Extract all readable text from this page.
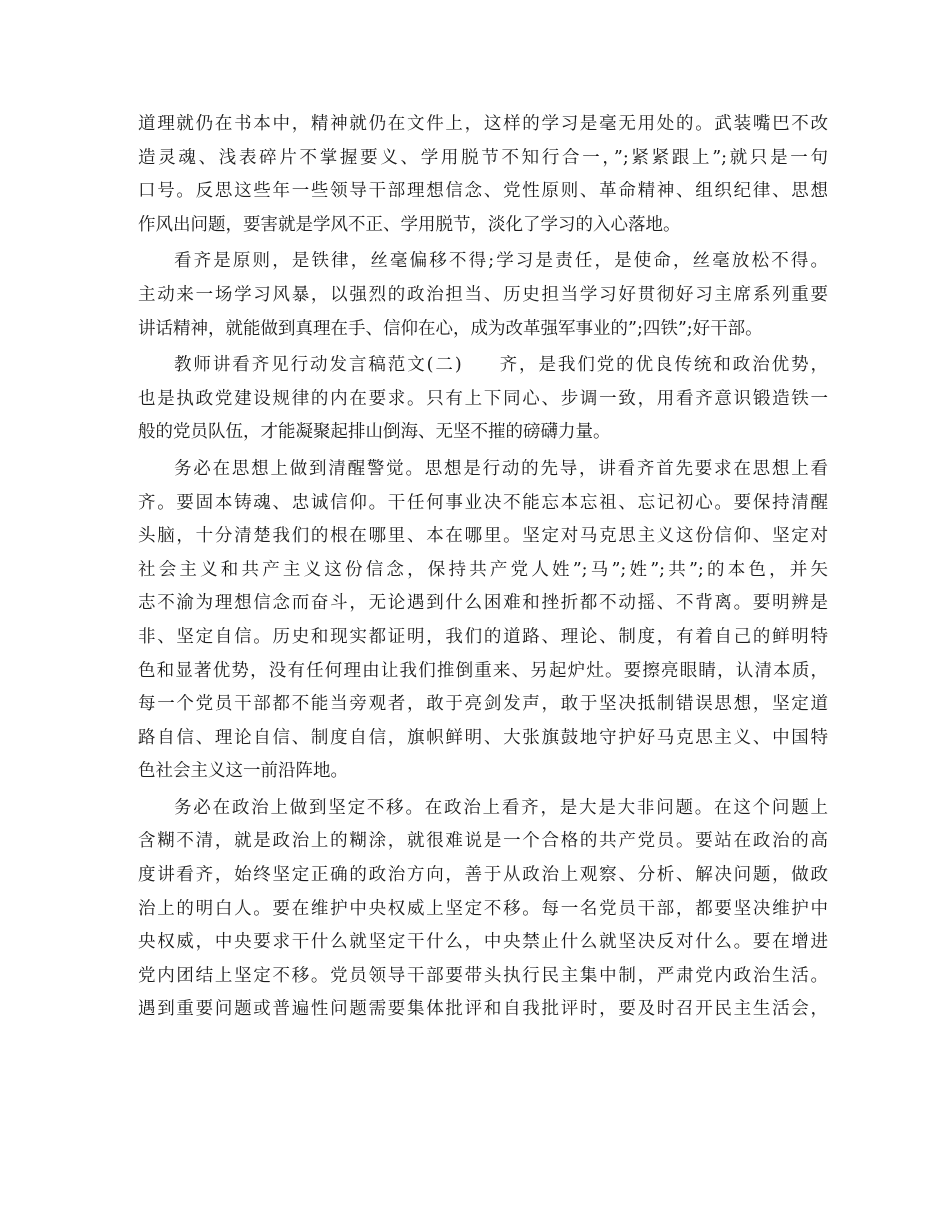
道理就仍在书本中，精神就仍在文件上，这样的学习是毫无用处的。武装嘴巴不改
造灵魂、浅表碎片不掌握要义、学用脱节不知行合一，”;紧紧跟上”;就只是一句
口号。反思这些年一些领导干部理想信念、党性原则、革命精神、组织纪律、思想
作风出问题，要害就是学风不正、学用脱节，淡化了学习的入心落地。
看齐是原则，是铁律，丝毫偏移不得;学习是责任，是使命，丝毫放松不得。
主动来一场学习风暴，以强烈的政治担当、历史担当学习好贯彻好习主席系列重要
讲话精神，就能做到真理在手、信仰在心，成为改革强军事业的”;四铁”;好干部。
教师讲看齐见行动发言稿范文(二) 齐，是我们党的优良传统和政治优势，
也是执政党建设规律的内在要求。只有上下同心、步调一致，用看齐意识锻造铁一
般的党员队伍，才能凝聚起排山倒海、无坚不摧的磅礴力量。
务必在思想上做到清醒警觉。思想是行动的先导，讲看齐首先要求在思想上看
齐。要固本铸魂、忠诚信仰。干任何事业决不能忘本忘祖、忘记初心。要保持清醒
头脑，十分清楚我们的根在哪里、本在哪里。坚定对马克思主义这份信仰、坚定对
社会主义和共产主义这份信念，保持共产党人姓”;马”;姓”;共”;的本色，并矢
志不渝为理想信念而奋斗，无论遇到什么困难和挫折都不动摇、不背离。要明辨是
非、坚定自信。历史和现实都证明，我们的道路、理论、制度，有着自己的鲜明特
色和显著优势，没有任何理由让我们推倒重来、另起炉灶。要擦亮眼睛，认清本质，
每一个党员干部都不能当旁观者，敢于亮剑发声，敢于坚决抵制错误思想，坚定道
路自信、理论自信、制度自信，旗帜鲜明、大张旗鼓地守护好马克思主义、中国特
色社会主义这一前沿阵地。
务必在政治上做到坚定不移。在政治上看齐，是大是大非问题。在这个问题上
含糊不清，就是政治上的糊涂，就很难说是一个合格的共产党员。要站在政治的高
度讲看齐，始终坚定正确的政治方向，善于从政治上观察、分析、解决问题，做政
治上的明白人。要在维护中央权威上坚定不移。每一名党员干部，都要坚决维护中
央权威，中央要求干什么就坚定干什么，中央禁止什么就坚决反对什么。要在增进
党内团结上坚定不移。党员领导干部要带头执行民主集中制，严肃党内政治生活。
遇到重要问题或普遍性问题需要集体批评和自我批评时，要及时召开民主生活会，
